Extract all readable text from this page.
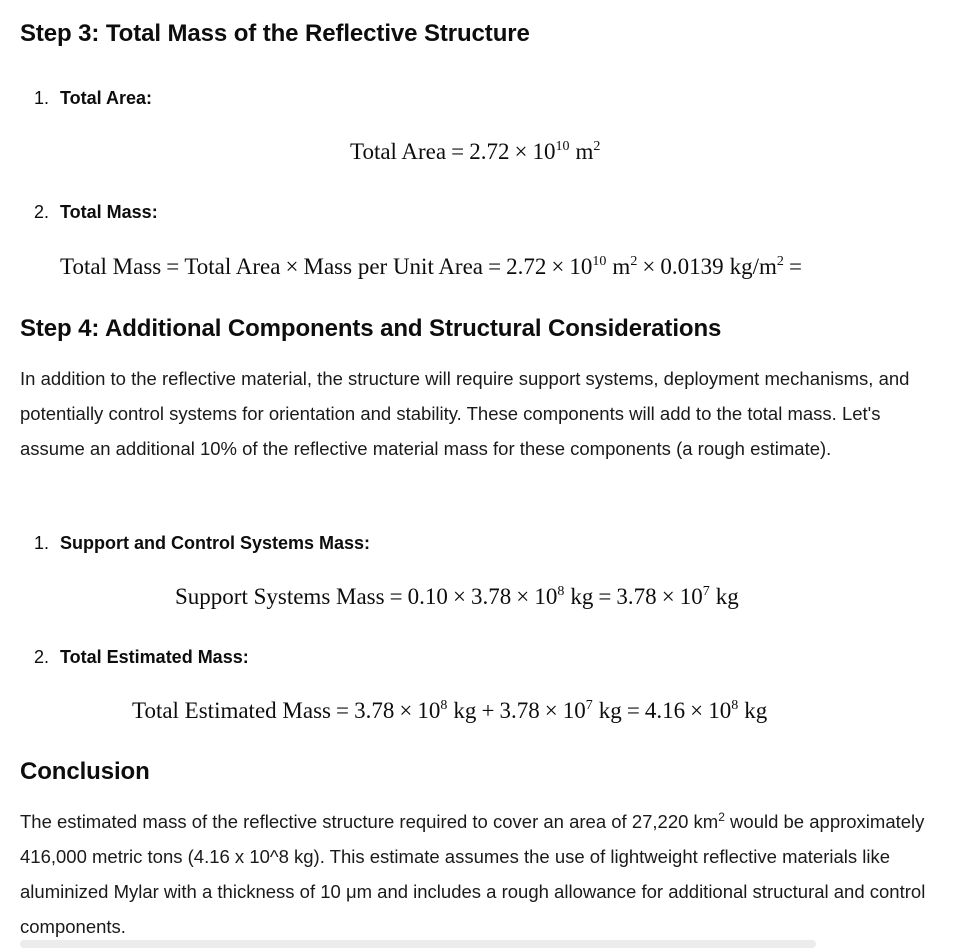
Step 3: Total Mass of the Reflective Structure
1. Total Area:
Total Area = $2.72 \times 10^{10}$ $m^2$
2. Total Mass:
Total Mass = Total Area × Mass per Unit Area = $2.72 \times 10^{10}$ $m^2 \times 0.0139$ $kg/m^2$ =
Step 4: Additional Components and Structural Considerations
In addition to the reflective material, the structure will require support systems, deployment mechanisms, and potentially control systems for orientation and stability. These components will add to the total mass. Let's assume an additional 10% of the reflective material mass for these components (a rough estimate).
1. Support and Control Systems Mass:
Support Systems Mass = $0.10 \times 3.78 \times 10^8$ kg = $3.78 \times 10^7$ kg
2. Total Estimated Mass:
Total Estimated Mass = $3.78 \times 10^8$ kg + $3.78 \times 10^7$ kg = $4.16 \times 10^8$ kg
Conclusion
The estimated mass of the reflective structure required to cover an area of 27,220 $km^2$ would be approximately 416,000 metric tons (4.16 x 10^8 kg). This estimate assumes the use of lightweight reflective materials like aluminized Mylar with a thickness of 10 μm and includes a rough allowance for additional structural and control components.
